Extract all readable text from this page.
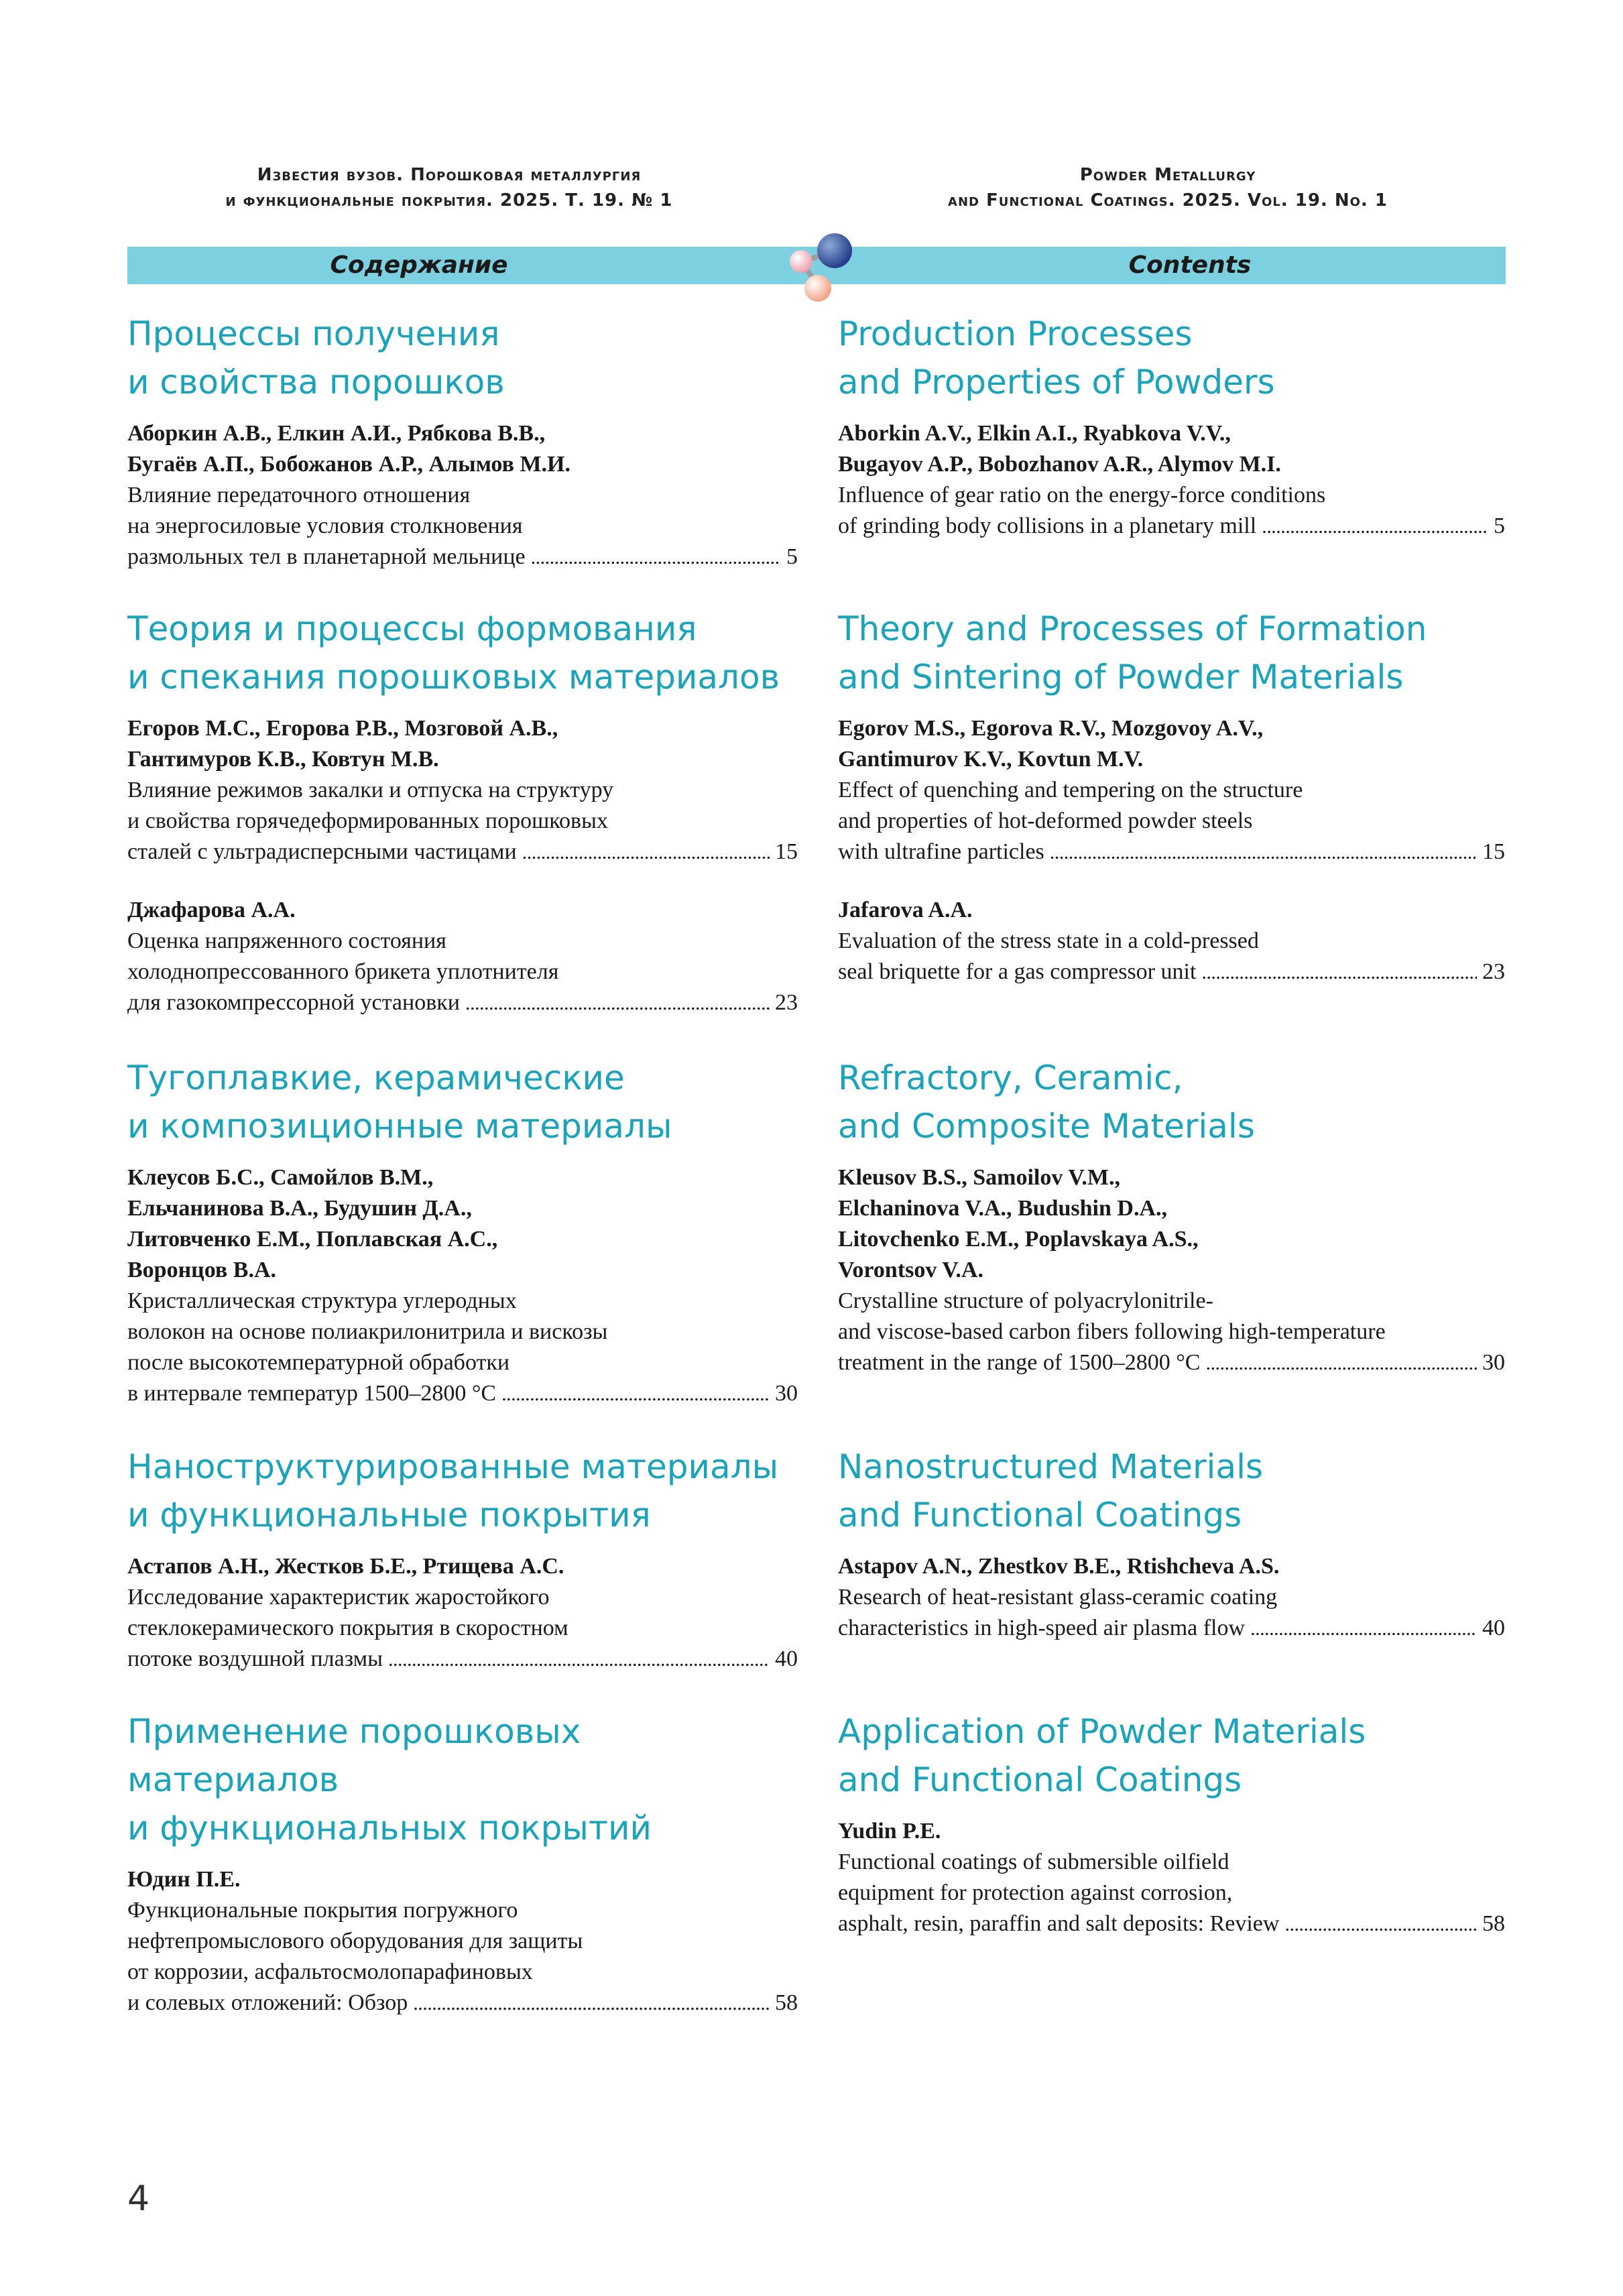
Известия вузов. Порошковая металлургия
и функциональные покрытия. 2025. Т. 19. № 1
Powder Metallurgy
and Functional Coatings. 2025. Vol. 19. No. 1
Содержание	Contents
Процессы получения
и свойства порошков
Аборкин А.В., Елкин А.И., Рябкова В.В.,
Бугаёв А.П., Бобожанов А.Р., Алымов М.И.
Влияние передаточного отношения
на энергосиловые условия столкновения
размольных тел в планетарной мельнице . . .	5
Теория и процессы формования
и спекания порошковых материалов
Егоров М.С., Егорова Р.В., Мозговой А.В.,
Гантимуров К.В., Ковтун М.В.
Влияние режимов закалки и отпуска на структуру
и свойства горячедеформированных порошковых
сталей с ультрадисперсными частицами . . .	15
Джафарова А.А.
Оценка напряженного состояния
холоднопрессованного брикета уплотнителя
для газокомпрессорной установки . . .	23
Тугоплавкие, керамические
и композиционные материалы
Клеусов Б.С., Самойлов В.М.,
Ельчанинова В.А., Будушин Д.А.,
Литовченко Е.М., Поплавская А.С.,
Воронцов В.А.
Кристаллическая структура углеродных
волокон на основе полиакрилонитрила и вискозы
после высокотемпературной обработки
в интервале температур 1500–2800 °С . . .	30
Наноструктурированные материалы
и функциональные покрытия
Астапов А.Н., Жестков Б.Е., Ртищева А.С.
Исследование характеристик жаростойкого
стеклокерамического покрытия в скоростном
потоке воздушной плазмы . . .	40
Применение порошковых материалов
и функциональных покрытий
Юдин П.Е.
Функциональные покрытия погружного
нефтепромыслового оборудования для защиты
от коррозии, асфальтосмолопарафиновых
и солевых отложений: Обзор . . .	58
Production Processes
and Properties of Powders
Aborkin A.V., Elkin A.I., Ryabkova V.V.,
Bugayov A.P., Bobozhanov A.R., Alymov M.I.
Influence of gear ratio on the energy-force conditions
of grinding body collisions in a planetary mill . . .	5
Theory and Processes of Formation
and Sintering of Powder Materials
Egorov M.S., Egorova R.V., Mozgovoy A.V.,
Gantimurov K.V., Kovtun M.V.
Effect of quenching and tempering on the structure
and properties of hot-deformed powder steels
with ultrafine particles . . .	15
Jafarova A.A.
Evaluation of the stress state in a cold-pressed
seal briquette for a gas compressor unit . . .	23
Refractory, Ceramic,
and Composite Materials
Kleusov B.S., Samoilov V.M.,
Elchaninova V.A., Budushin D.A.,
Litovchenko E.M., Poplavskaya A.S.,
Vorontsov V.A.
Crystalline structure of polyacrylonitrile-
and viscose-based carbon fibers following high-temperature
treatment in the range of 1500–2800 °C . . .	30
Nanostructured Materials
and Functional Coatings
Astapov A.N., Zhestkov B.E., Rtishcheva A.S.
Research of heat-resistant glass-ceramic coating
characteristics in high-speed air plasma flow . . .	40
Application of Powder Materials
and Functional Coatings
Yudin P.E.
Functional coatings of submersible oilfield
equipment for protection against corrosion,
asphalt, resin, paraffin and salt deposits: Review . . .	58
4
